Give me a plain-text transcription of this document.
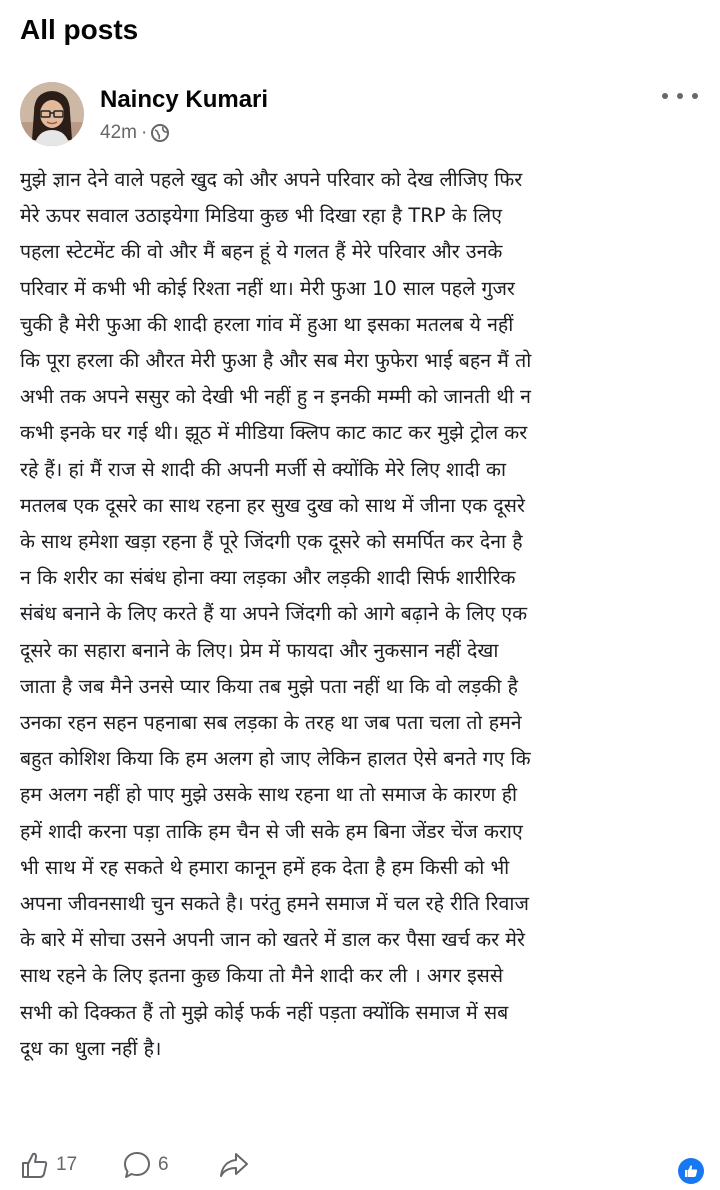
All posts
Naincy Kumari
42m ·
मुझे ज्ञान देने वाले पहले खुद को और अपने परिवार को देख लीजिए फिर
मेरे ऊपर सवाल उठाइयेगा मिडिया कुछ भी दिखा रहा है TRP के लिए
पहला स्टेटमेंट की वो और मैं बहन हूं ये गलत हैं मेरे परिवार और उनके
परिवार में कभी भी कोई रिश्ता नहीं था। मेरी फुआ 10 साल पहले गुजर
चुकी है मेरी फुआ की शादी हरला गांव में हुआ था इसका मतलब ये नहीं
कि पूरा हरला की औरत मेरी फुआ है और सब मेरा फुफेरा भाई बहन मैं तो
अभी तक अपने ससुर को देखी भी नहीं हु न इनकी मम्मी को जानती थी न
कभी इनके घर गई थी। झूठ में मीडिया क्लिप काट काट कर मुझे ट्रोल कर
रहे हैं। हां मैं राज से शादी की अपनी मर्जी से क्योंकि मेरे लिए शादी का
मतलब एक दूसरे का साथ रहना हर सुख दुख को साथ में जीना एक दूसरे
के साथ हमेशा खड़ा रहना हैं पूरे जिंदगी एक दूसरे को समर्पित कर देना है
न कि शरीर का संबंध होना क्या लड़का और लड़की शादी सिर्फ शारीरिक
संबंध बनाने के लिए करते हैं या अपने जिंदगी को आगे बढ़ाने के लिए एक
दूसरे का सहारा बनाने के लिए। प्रेम में फायदा और नुकसान नहीं देखा
जाता है जब मैने उनसे प्यार किया तब मुझे पता नहीं था कि वो लड़की है
उनका रहन सहन पहनाबा सब लड़का के तरह था जब पता चला तो हमने
बहुत कोशिश किया कि हम अलग हो जाए लेकिन हालत ऐसे बनते गए कि
हम अलग नहीं हो पाए मुझे उसके साथ रहना था तो समाज के कारण ही
हमें शादी करना पड़ा ताकि हम चैन से जी सके हम बिना जेंडर चेंज कराए
भी साथ में रह सकते थे हमारा कानून हमें हक देता है हम किसी को भी
अपना जीवनसाथी चुन सकते है। परंतु हमने समाज में चल रहे रीति रिवाज
के बारे में सोचा उसने अपनी जान को खतरे में डाल कर पैसा खर्च कर मेरे
साथ रहने के लिए इतना कुछ किया तो मैने शादी कर ली । अगर इससे
सभी को दिक्कत हैं तो मुझे कोई फर्क नहीं पड़ता क्योंकि समाज में सब
दूध का धुला नहीं है।
17	6
